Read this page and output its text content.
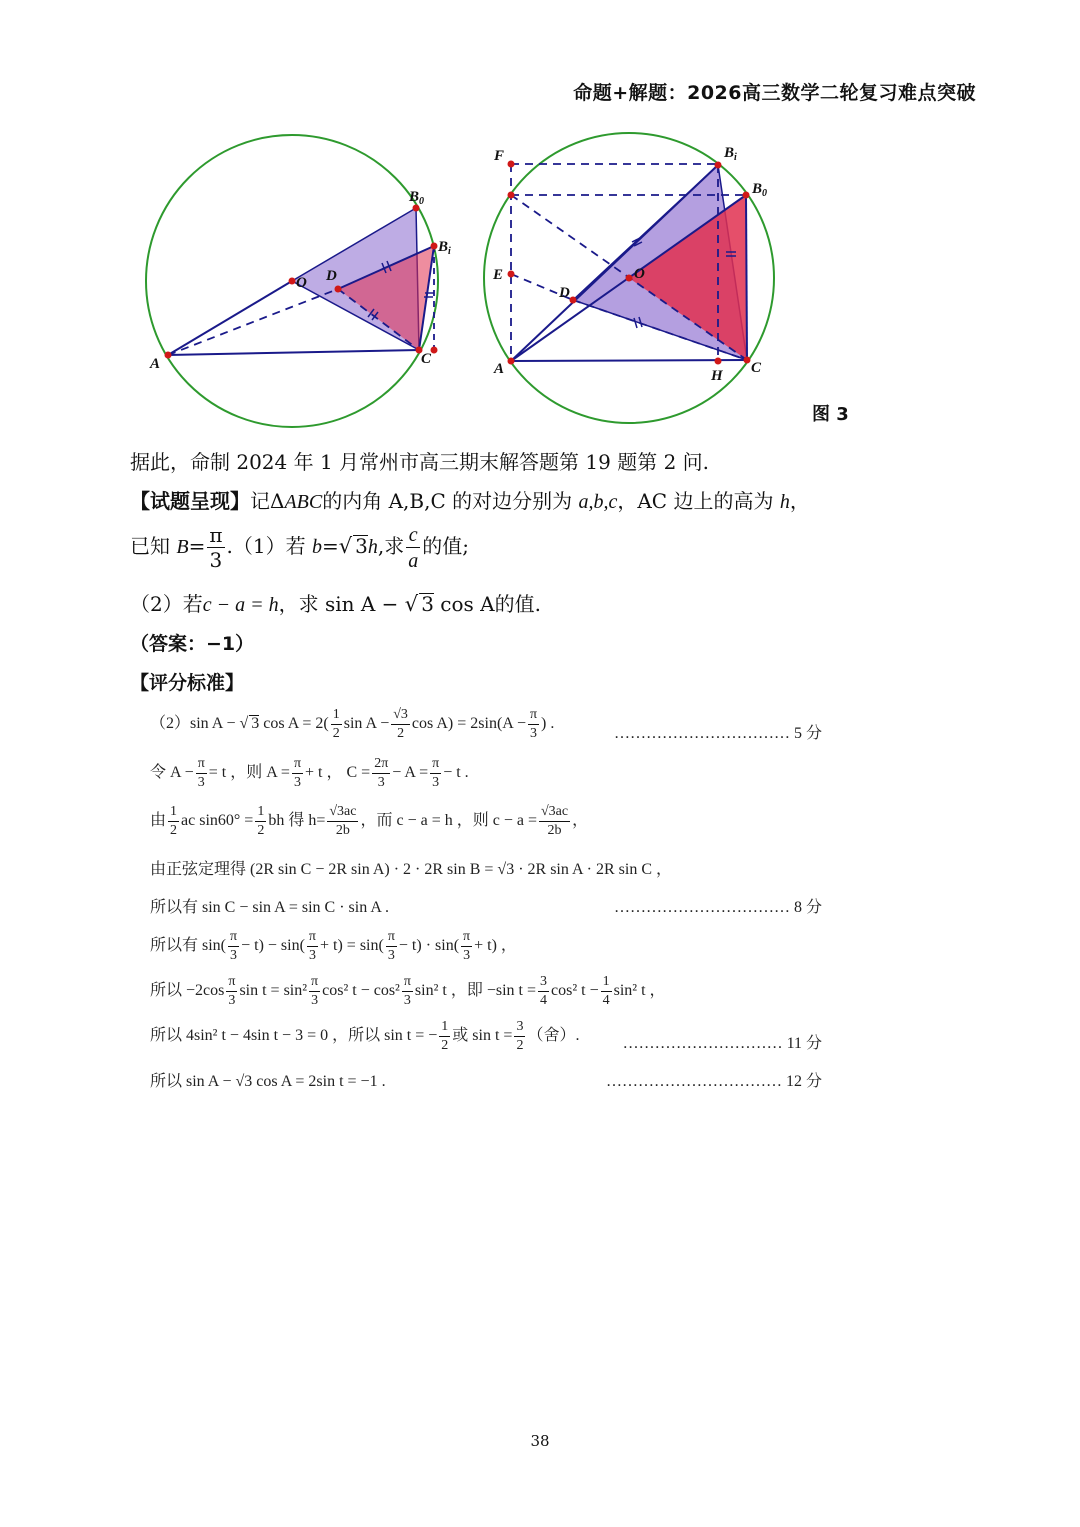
命题+解题：2026高三数学二轮复习难点突破
A	C
O D
$B_0$
$B_i$
F
E
A	H C
O
D
$B_i$
$B_0$
图 3
据此，命制 2024 年 1 月常州市高三期末解答题第 19 题第 2 问.
【试题呈现】记ΔABC的内角 A,B,C 的对边分别为 a,b,c，AC 边上的高为 h，
已知 $B= \frac{\pi}{3} .(1)$若 b=√ 3h,求 $\frac{c}{a}$ 的值;
（2）若c − a = h，求 sin A − √ 3 cos A的值.
（答案：−1）
【评分标准】
（2）sin A − √ 3 $\cos A = 2( \frac{1}{2}$ $\sin A - \frac{√3}{2}$ $\cos A) = 2\sin(A - \frac{\pi}{3}$ ) .
…………………………… 5 分
令 $A - \frac{\pi}{3} = t$ ，则 $A = \frac{\pi}{3} + t$ ， $C = \frac{2\pi}{3} - A = \frac{\pi}{3} - t$ .
由 $\frac{1}{2}$ ac $\sin 60^\circ = \frac{1}{2}$ bh 得 $h= \frac{√3ac}{2b}$ ，而 c − a = h ，则 $c - a = \frac{√3ac}{2b}$ ，
由正弦定理得 (2R sin C − 2R sin A) · 2 · 2R sin B = √3 · 2R sin A · 2R sin C ，
所以有 sin C − sin A = sin C · sin A .	…………………………… 8 分
所以有 $\sin( \frac{\pi}{3} - t) - \sin( \frac{\pi}{3} + t) = \sin( \frac{\pi}{3} - t) \cdot \sin( \frac{\pi}{3} + t)$ ，
所以 $-2\cos \frac{\pi}{3}$ $\sin t = \sin^2 \frac{\pi}{3} \cos^2$ $t - \cos^2 \frac{\pi}{3} \sin^2$ t ，即 −sin $t = \frac{3}{4} \cos^2$ $t - \frac{1}{4} \sin^2$ t ，
所以 4sin² t − 4sin t − 3 = 0 ，所以 sin t = − $\frac{1}{2}$ 或 $\sin t = \frac{3}{2}$ （舍）.	………………………… 11 分
所以 sin A − √3 cos A = 2sin t = −1 .	…………………………… 12 分
38
